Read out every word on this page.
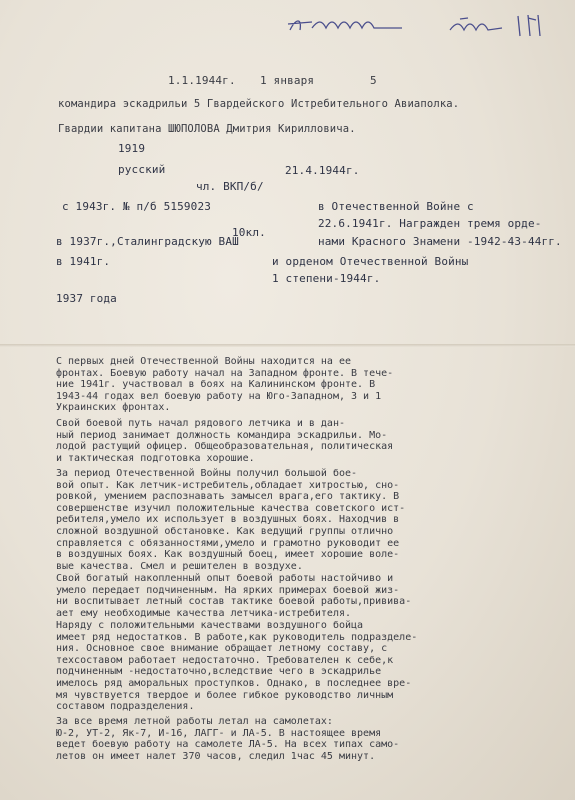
1.1.1944г. 1 января	5
командира эскадрильи 5 Гвардейского Истребительного Авиаполка.
Гвардии капитана ШЮПОЛОВА Дмитрия Кирилловича.
1919
русский	21.4.1944г.
чл. ВКП/б/
с 1943г. № п/б 5159023	в Отечественной Войне с
22.6.1941г. Награжден тремя орде-
10кл.
в 1937г.,Сталинградскую ВАШ	нами Красного Знамени -1942-43-44гг.
в 1941г.	и орденом Отечественной Войны
1 степени-1944г.
1937 года
С первых дней Отечественной Войны находится на ее
фронтах. Боевую работу начал на Западном фронте. В тече-
ние 1941г. участвовал в боях на Калининском фронте. В
1943-44 годах вел боевую работу на Юго-Западном, 3 и 1
Украинских фронтах.
Свой боевой путь начал рядового летчика и в дан-
ный период занимает должность командира эскадрильи. Мо-
лодой растущий офицер. Общеобразовательная, политическая
и тактическая подготовка хорошие.
За период Отечественной Войны получил большой бое-
вой опыт. Как летчик-истребитель,обладает хитростью, сно-
ровкой, умением распознавать замысел врага,его тактику. В
совершенстве изучил положительные качества советского ист-
ребителя,умело их использует в воздушных боях. Находчив в
сложной воздушной обстановке. Как ведущий группы отлично
справляется с обязанностями,умело и грамотно руководит ее
в воздушных боях. Как воздушный боец, имеет хорошие воле-
вые качества. Смел и решителен в воздухе.
Свой богатый накопленный опыт боевой работы настойчиво и
умело передает подчиненным. На ярких примерах боевой жиз-
ни воспитывает летный состав тактике боевой работы,привива-
ает ему необходимые качества летчика-истребителя.
Наряду с положительными качествами воздушного бойца
имеет ряд недостатков. В работе,как руководитель подразделе-
ния. Основное свое внимание обращает летному составу, с
техсоставом работает недостаточно. Требователен к себе,к
подчиненным -недостаточно,вследствие чего в эскадрилье
имелось ряд аморальных проступков. Однако, в последнее вре-
мя чувствуется твердое и более гибкое руководство личным
составом подразделения.
За все время летной работы летал на самолетах:
Ю-2, УТ-2, Як-7, И-16, ЛАГГ- и ЛА-5. В настоящее время
ведет боевую работу на самолете ЛА-5. На всех типах само-
летов он имеет налет 370 часов, следил 1час 45 минут.
